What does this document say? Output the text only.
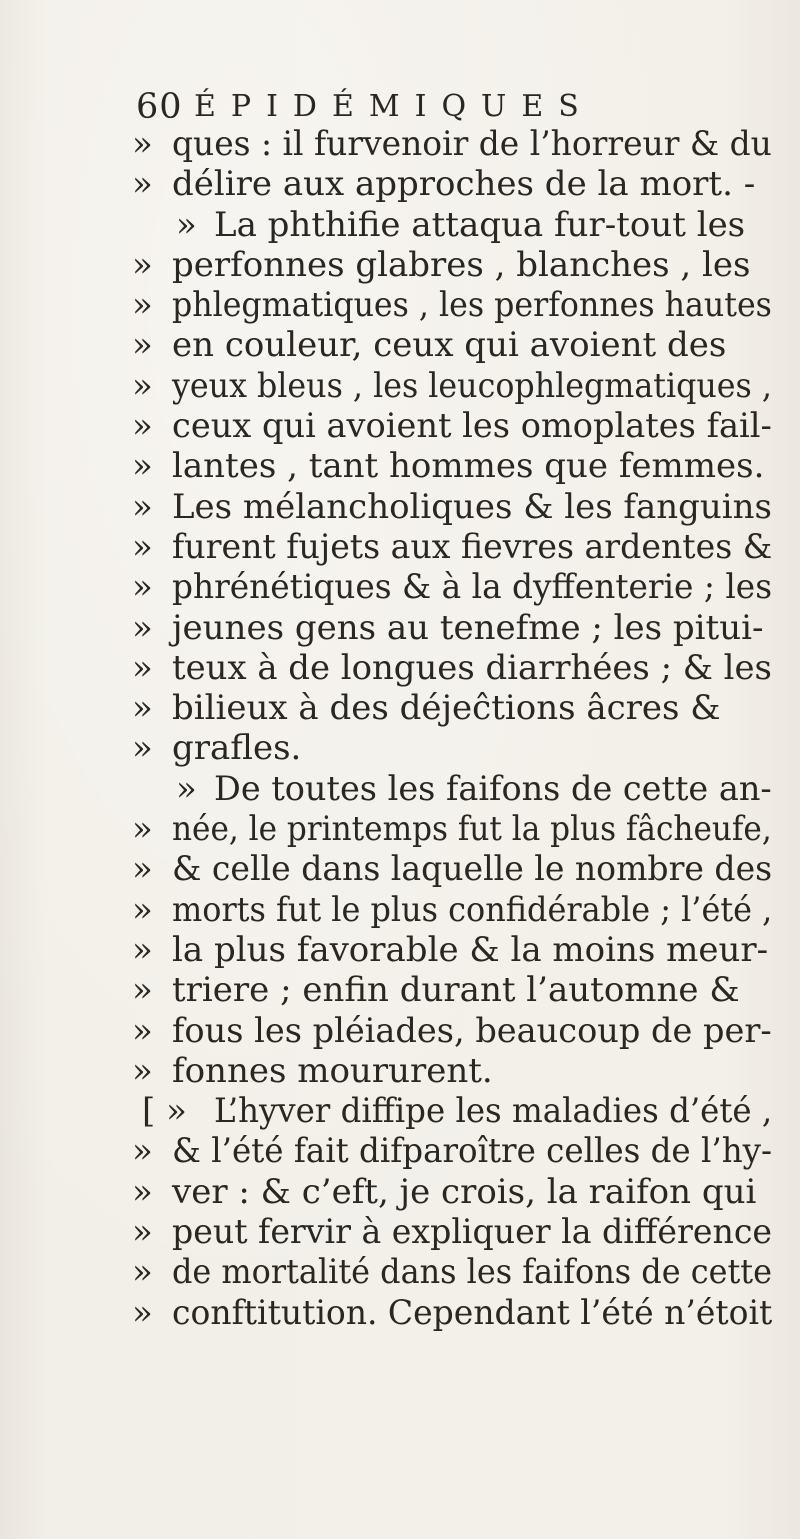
60 ÉPIDÉMIQUES
» ques : il furvenoir de l’horreur & du
» délire aux approches de la mort. -
» La phthifie attaqua fur-tout les
» perfonnes glabres , blanches , les
» phlegmatiques , les perfonnes hautes
» en couleur, ceux qui avoient des
» yeux bleus , les leucophlegmatiques ,
» ceux qui avoient les omoplates fail-
» lantes , tant hommes que femmes.
» Les mélancholiques & les fanguins
» furent fujets aux fievres ardentes &
» phrénétiques & à la dyffenterie ; les
» jeunes gens au tenefme ; les pitui-
» teux à de longues diarrhées ; & les
» bilieux à des déjeĉtions âcres &
» grafles.
» De toutes les faifons de cette an-
» née, le printemps fut la plus fâcheufe,
» & celle dans laquelle le nombre des
» morts fut le plus confidérable ; l’été ,
» la plus favorable & la moins meur-
» triere ; enfin durant l’automne &
» fous les pléiades, beaucoup de per-
» fonnes moururent.
[ » L’hyver diffipe les maladies d’été ,
» & l’été fait difparoître celles de l’hy-
» ver : & c’eft, je crois, la raifon qui
» peut fervir à expliquer la différence
» de mortalité dans les faifons de cette
» conftitution. Cependant l’été n’étoit
